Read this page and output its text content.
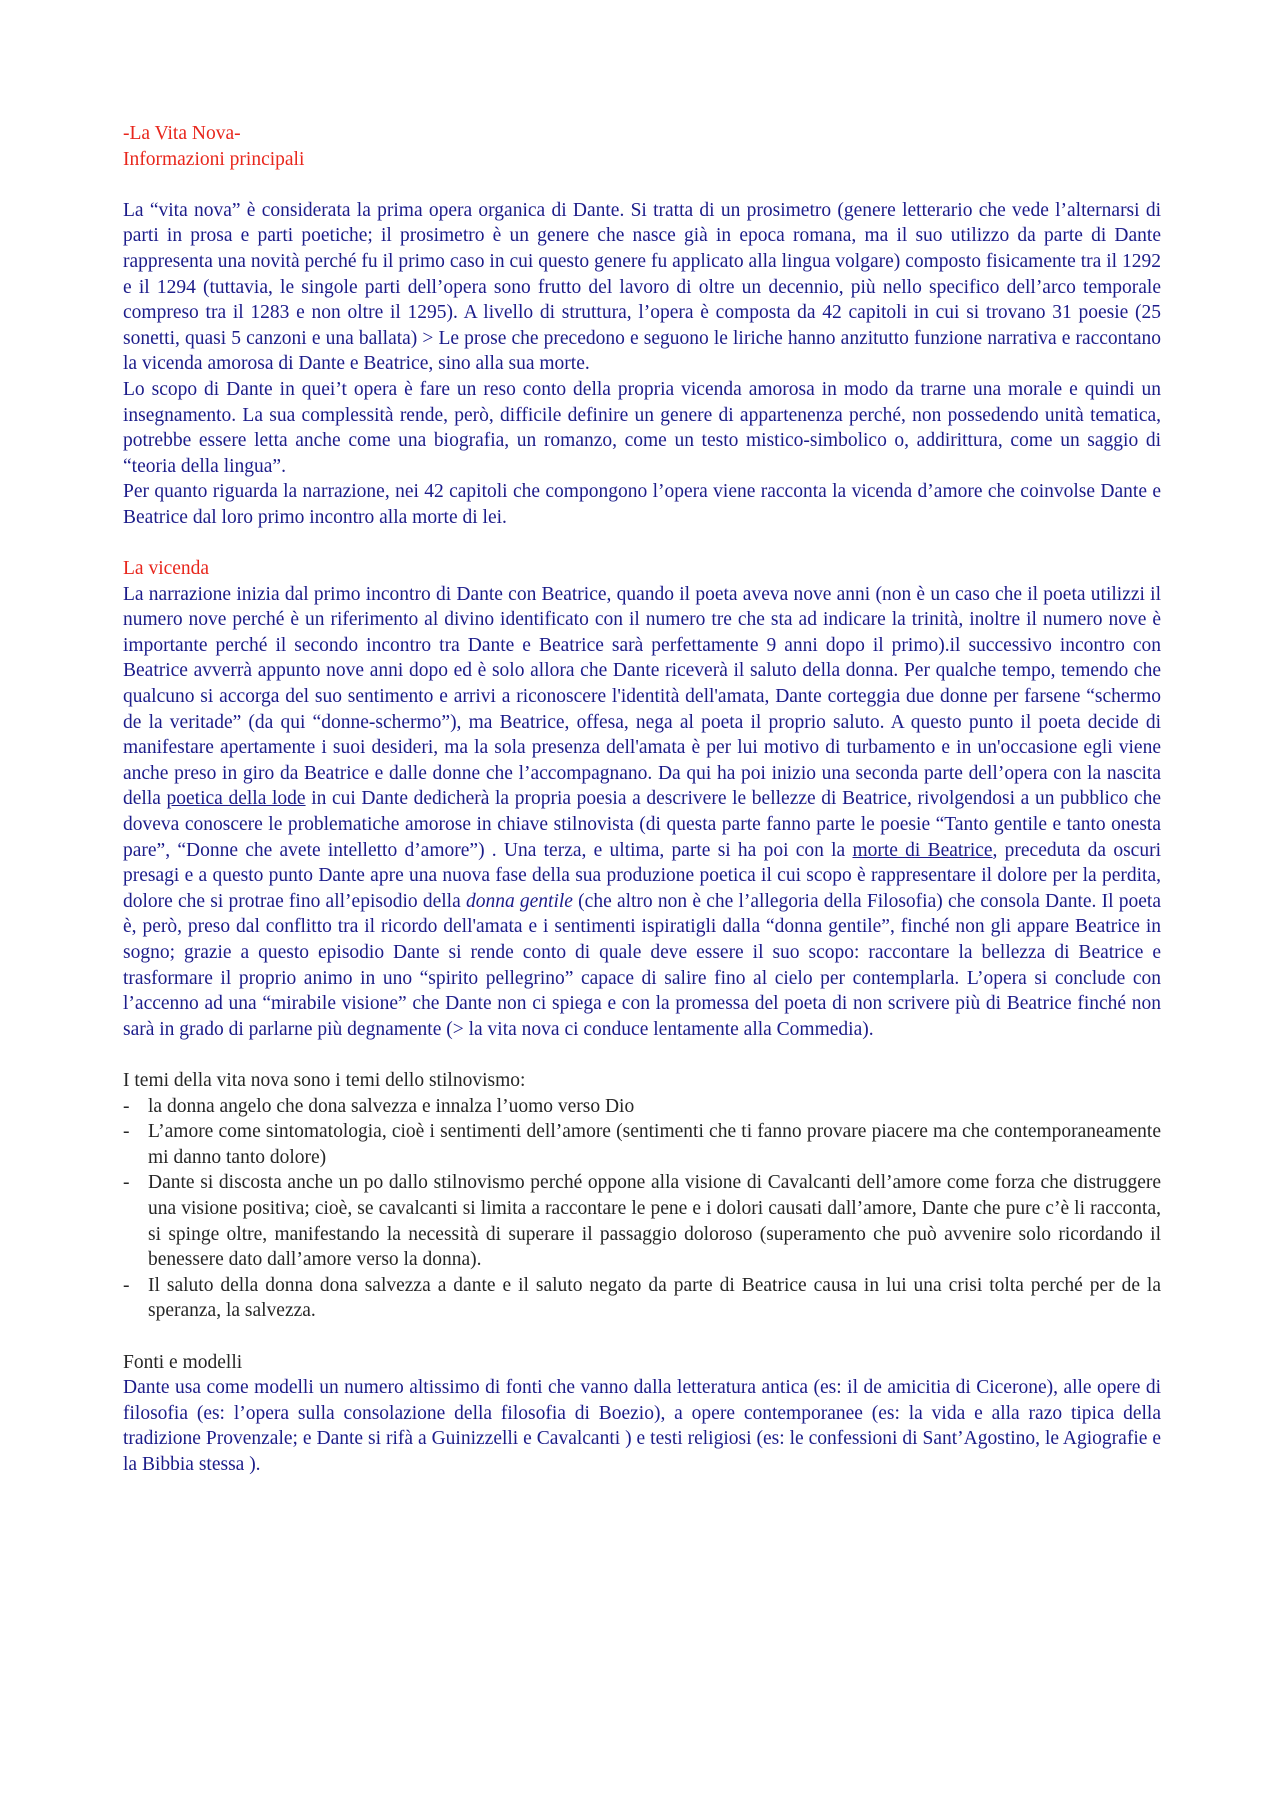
-La Vita Nova-
Informazioni principali

La “vita nova” è considerata la prima opera organica di Dante. Si tratta di un prosimetro (genere letterario che vede l’alternarsi di parti in prosa e parti poetiche; il prosimetro è un genere che nasce già in epoca romana, ma il suo utilizzo da parte di Dante rappresenta una novità perché fu il primo caso in cui questo genere fu applicato alla lingua volgare) composto fisicamente tra il 1292 e il 1294 (tuttavia, le singole parti dell’opera sono frutto del lavoro di oltre un decennio, più nello specifico dell’arco temporale compreso tra il 1283 e non oltre il 1295). A livello di struttura, l’opera è composta da 42 capitoli in cui si trovano 31 poesie (25 sonetti, quasi 5 canzoni e una ballata) > Le prose che precedono e seguono le liriche hanno anzitutto funzione narrativa e raccontano la vicenda amorosa di Dante e Beatrice, sino alla sua morte.

Lo scopo di Dante in quei’t opera è fare un reso conto della propria vicenda amorosa in modo da trarne una morale e quindi un insegnamento. La sua complessità rende, però, difficile definire un genere di appartenenza perché, non possedendo unità tematica, potrebbe essere letta anche come una biografia, un romanzo, come un testo mistico-simbolico o, addirittura, come un saggio di “teoria della lingua”.

Per quanto riguarda la narrazione, nei 42 capitoli che compongono l’opera viene racconta la vicenda d’amore che coinvolse Dante e Beatrice dal loro primo incontro alla morte di lei.

La vicenda

La narrazione inizia dal primo incontro di Dante con Beatrice, quando il poeta aveva nove anni (non è un caso che il poeta utilizzi il numero nove perché è un riferimento al divino identificato con il numero tre che sta ad indicare la trinità, inoltre il numero nove è importante perché il secondo incontro tra Dante e Beatrice sarà perfettamente 9 anni dopo il primo).il successivo incontro con Beatrice avverrà appunto nove anni dopo ed è solo allora che Dante riceverà il saluto della donna. Per qualche tempo, temendo che qualcuno si accorga del suo sentimento e arrivi a riconoscere l'identità dell'amata, Dante corteggia due donne per farsene “schermo de la veritade” (da qui “donne-schermo”), ma Beatrice, offesa, nega al poeta il proprio saluto. A questo punto il poeta decide di manifestare apertamente i suoi desideri, ma la sola presenza dell'amata è per lui motivo di turbamento e in un'occasione egli viene anche preso in giro da Beatrice e dalle donne che l’accompagnano. Da qui ha poi inizio una seconda parte dell’opera con la nascita della poetica della lode in cui Dante dedicherà la propria poesia a descrivere le bellezze di Beatrice, rivolgendosi a un pubblico che doveva conoscere le problematiche amorose in chiave stilnovista (di questa parte fanno parte le poesie “Tanto gentile e tanto onesta pare”, “Donne che avete intelletto d’amore”) . Una terza, e ultima, parte si ha poi con la morte di Beatrice, preceduta da oscuri presagi e a questo punto Dante apre una nuova fase della sua produzione poetica il cui scopo è rappresentare il dolore per la perdita, dolore che si protrae fino all’episodio della donna gentile (che altro non è che l’allegoria della Filosofia) che consola Dante. Il poeta è, però, preso dal conflitto tra il ricordo dell'amata e i sentimenti ispiratigli dalla “donna gentile”, finché non gli appare Beatrice in sogno; grazie a questo episodio Dante si rende conto di quale deve essere il suo scopo: raccontare la bellezza di Beatrice e trasformare il proprio animo in uno “spirito pellegrino” capace di salire fino al cielo per contemplarla. L’opera si conclude con l’accenno ad una “mirabile visione” che Dante non ci spiega e con la promessa del poeta di non scrivere più di Beatrice finché non sarà in grado di parlarne più degnamente (> la vita nova ci conduce lentamente alla Commedia).

I temi della vita nova sono i temi dello stilnovismo:
- la donna angelo che dona salvezza e innalza l’uomo verso Dio
- L’amore come sintomatologia, cioè i sentimenti dell’amore (sentimenti che ti fanno provare piacere ma che contemporaneamente mi danno tanto dolore)
- Dante si discosta anche un po dallo stilnovismo perché oppone alla visione di Cavalcanti dell’amore come forza che distruggere una visione positiva; cioè, se cavalcanti si limita a raccontare le pene e i dolori causati dall’amore, Dante che pure c’è li racconta, si spinge oltre, manifestando la necessità di superare il passaggio doloroso (superamento che può avvenire solo ricordando il benessere dato dall’amore verso la donna).
- Il saluto della donna dona salvezza a dante e il saluto negato da parte di Beatrice causa in lui una crisi tolta perché per de la speranza, la salvezza.
Fonti e modelli

Dante usa come modelli un numero altissimo di fonti che vanno dalla letteratura antica (es: il de amicitia di Cicerone), alle opere di filosofia (es: l’opera sulla consolazione della filosofia di Boezio), a opere contemporanee (es: la vida e alla razo tipica della tradizione Provenzale; e Dante si rifà a Guinizzelli e Cavalcanti ) e testi religiosi (es: le confessioni di Sant’Agostino, le Agiografie e la Bibbia stessa ).
